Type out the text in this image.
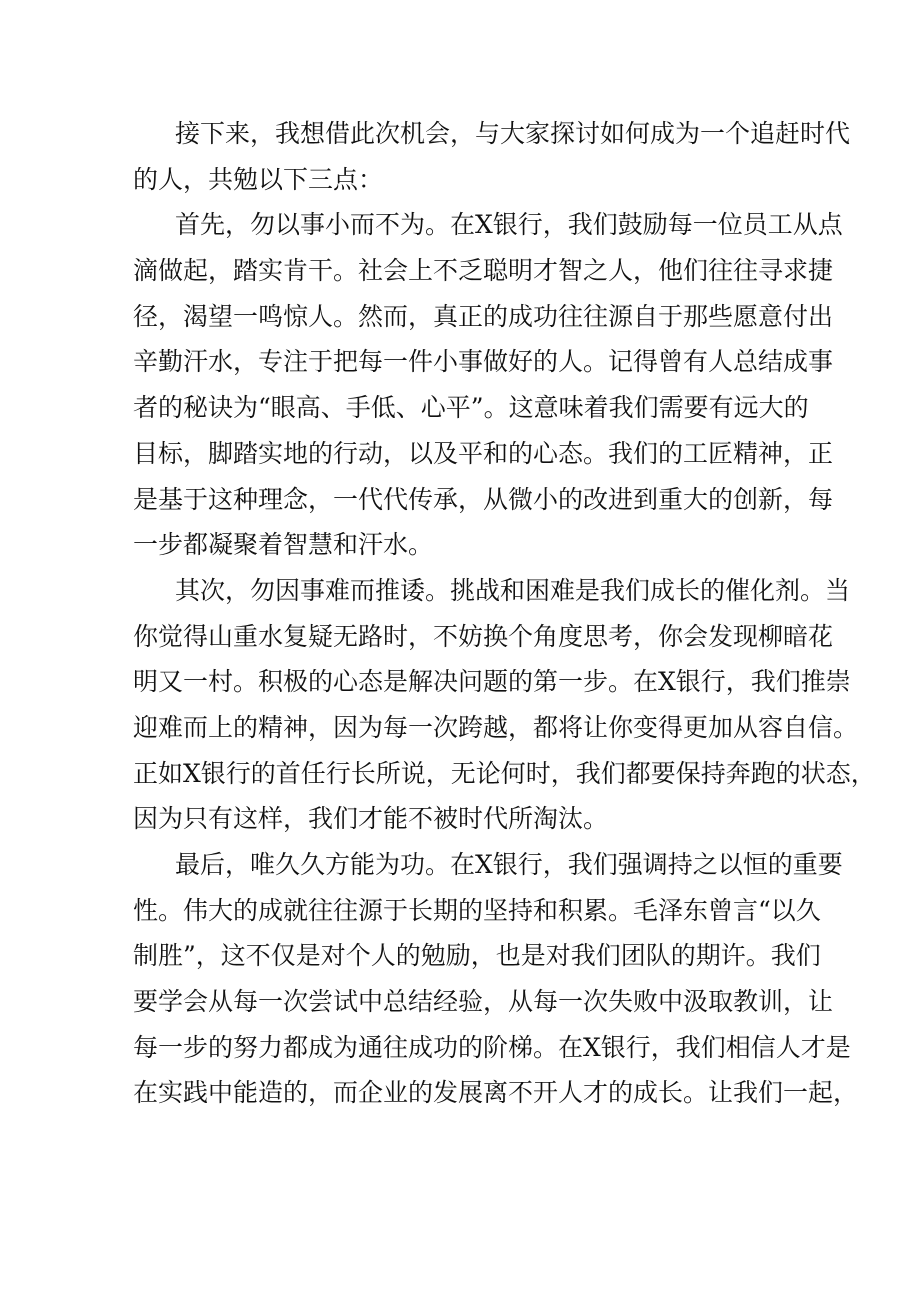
接下来，我想借此次机会，与大家探讨如何成为一个追赶时代
的人，共勉以下三点：
首先，勿以事小而不为。在X银行，我们鼓励每一位员工从点
滴做起，踏实肯干。社会上不乏聪明才智之人，他们往往寻求捷
径，渴望一鸣惊人。然而，真正的成功往往源自于那些愿意付出
辛勤汗水，专注于把每一件小事做好的人。记得曾有人总结成事
者的秘诀为“眼高、手低、心平”。这意味着我们需要有远大的
目标，脚踏实地的行动，以及平和的心态。我们的工匠精神，正
是基于这种理念，一代代传承，从微小的改进到重大的创新，每
一步都凝聚着智慧和汗水。
其次，勿因事难而推诿。挑战和困难是我们成长的催化剂。当
你觉得山重水复疑无路时，不妨换个角度思考，你会发现柳暗花
明又一村。积极的心态是解决问题的第一步。在X银行，我们推崇
迎难而上的精神，因为每一次跨越，都将让你变得更加从容自信。
正如X银行的首任行长所说，无论何时，我们都要保持奔跑的状态，
因为只有这样，我们才能不被时代所淘汰。
最后，唯久久方能为功。在X银行，我们强调持之以恒的重要
性。伟大的成就往往源于长期的坚持和积累。毛泽东曾言“以久
制胜”，这不仅是对个人的勉励，也是对我们团队的期许。我们
要学会从每一次尝试中总结经验，从每一次失败中汲取教训，让
每一步的努力都成为通往成功的阶梯。在X银行，我们相信人才是
在实践中能造的，而企业的发展离不开人才的成长。让我们一起，
